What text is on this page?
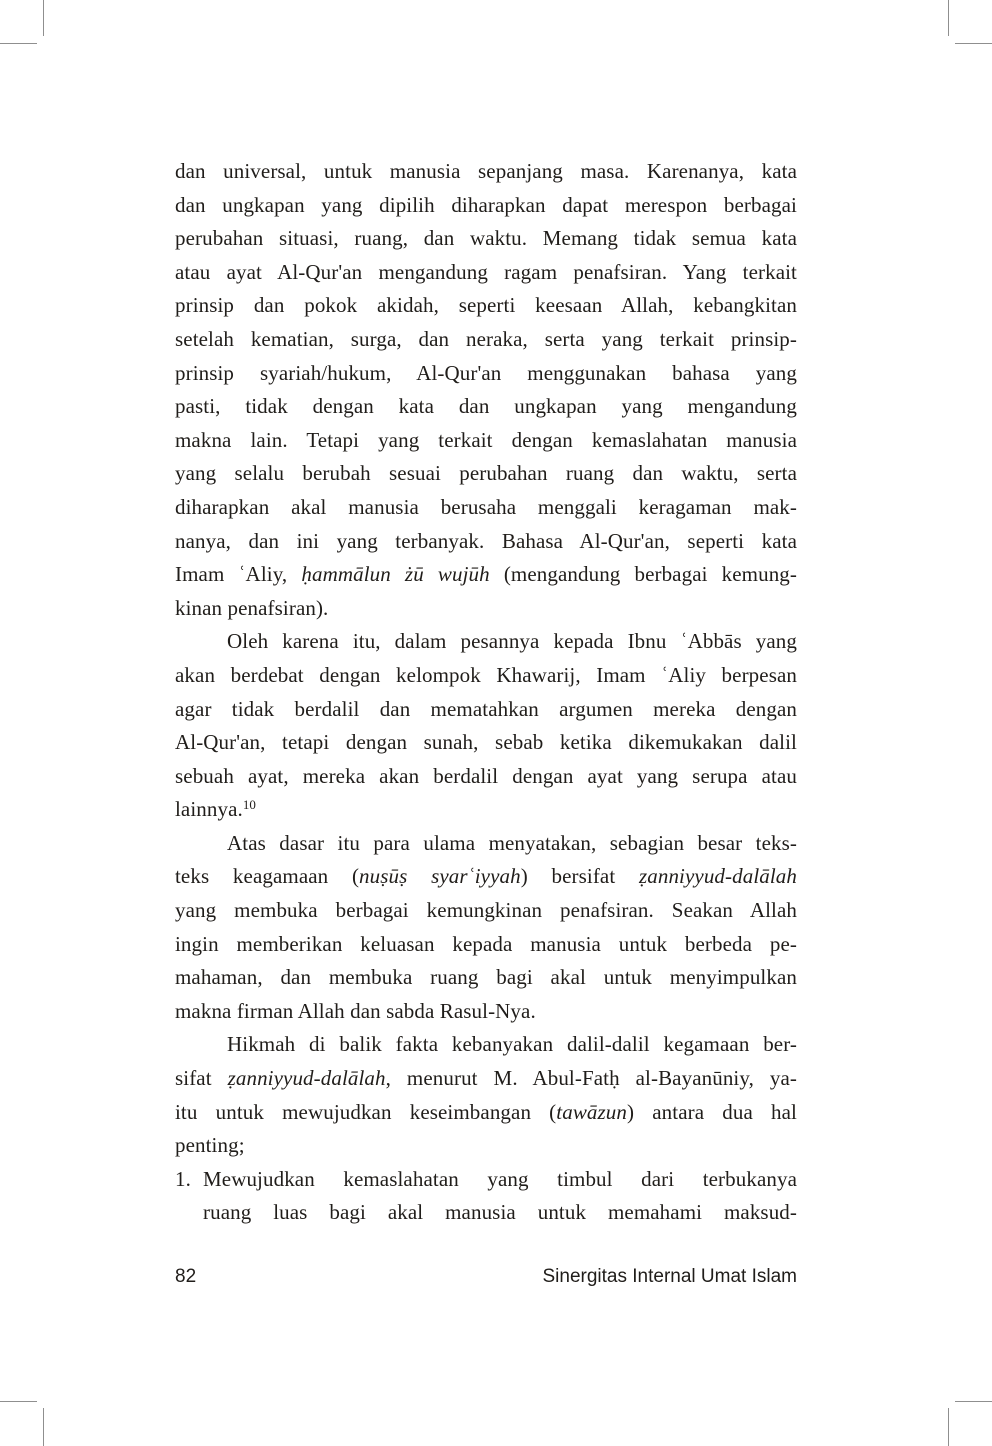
dan universal, untuk manusia sepanjang masa. Karenanya, kata
dan ungkapan yang dipilih diharapkan dapat merespon berbagai
perubahan situasi, ruang, dan waktu. Memang tidak semua kata
atau ayat Al-Qur'an mengandung ragam penafsiran. Yang terkait
prinsip dan pokok akidah, seperti keesaan Allah, kebangkitan
setelah kematian, surga, dan neraka, serta yang terkait prinsip-
prinsip syariah/hukum, Al-Qur'an menggunakan bahasa yang
pasti, tidak dengan kata dan ungkapan yang mengandung
makna lain. Tetapi yang terkait dengan kemaslahatan manusia
yang selalu berubah sesuai perubahan ruang dan waktu, serta
diharapkan akal manusia berusaha menggali keragaman mak-
nanya, dan ini yang terbanyak. Bahasa Al-Qur'an, seperti kata
Imam ʿAliy, ḥammālun żū wujūh (mengandung berbagai kemung-
kinan penafsiran).
Oleh karena itu, dalam pesannya kepada Ibnu ʿAbbās yang
akan berdebat dengan kelompok Khawarij, Imam ʿAliy berpesan
agar tidak berdalil dan mematahkan argumen mereka dengan
Al-Qur'an, tetapi dengan sunah, sebab ketika dikemukakan dalil
sebuah ayat, mereka akan berdalil dengan ayat yang serupa atau
lainnya.$^{10}$
Atas dasar itu para ulama menyatakan, sebagian besar teks-
teks keagamaan (nuṣūṣ syarʿiyyah) bersifat ẓanniyyud-dalālah
yang membuka berbagai kemungkinan penafsiran. Seakan Allah
ingin memberikan keluasan kepada manusia untuk berbeda pe-
mahaman, dan membuka ruang bagi akal untuk menyimpulkan
makna firman Allah dan sabda Rasul-Nya.
Hikmah di balik fakta kebanyakan dalil-dalil kegamaan ber-
sifat ẓanniyyud-dalālah, menurut M. Abul-Fatḥ al-Bayanūniy, ya-
itu untuk mewujudkan keseimbangan (tawāzun) antara dua hal
penting;
1. Mewujudkan kemaslahatan yang timbul dari terbukanya
ruang luas bagi akal manusia untuk memahami maksud-
82	Sinergitas Internal Umat Islam
